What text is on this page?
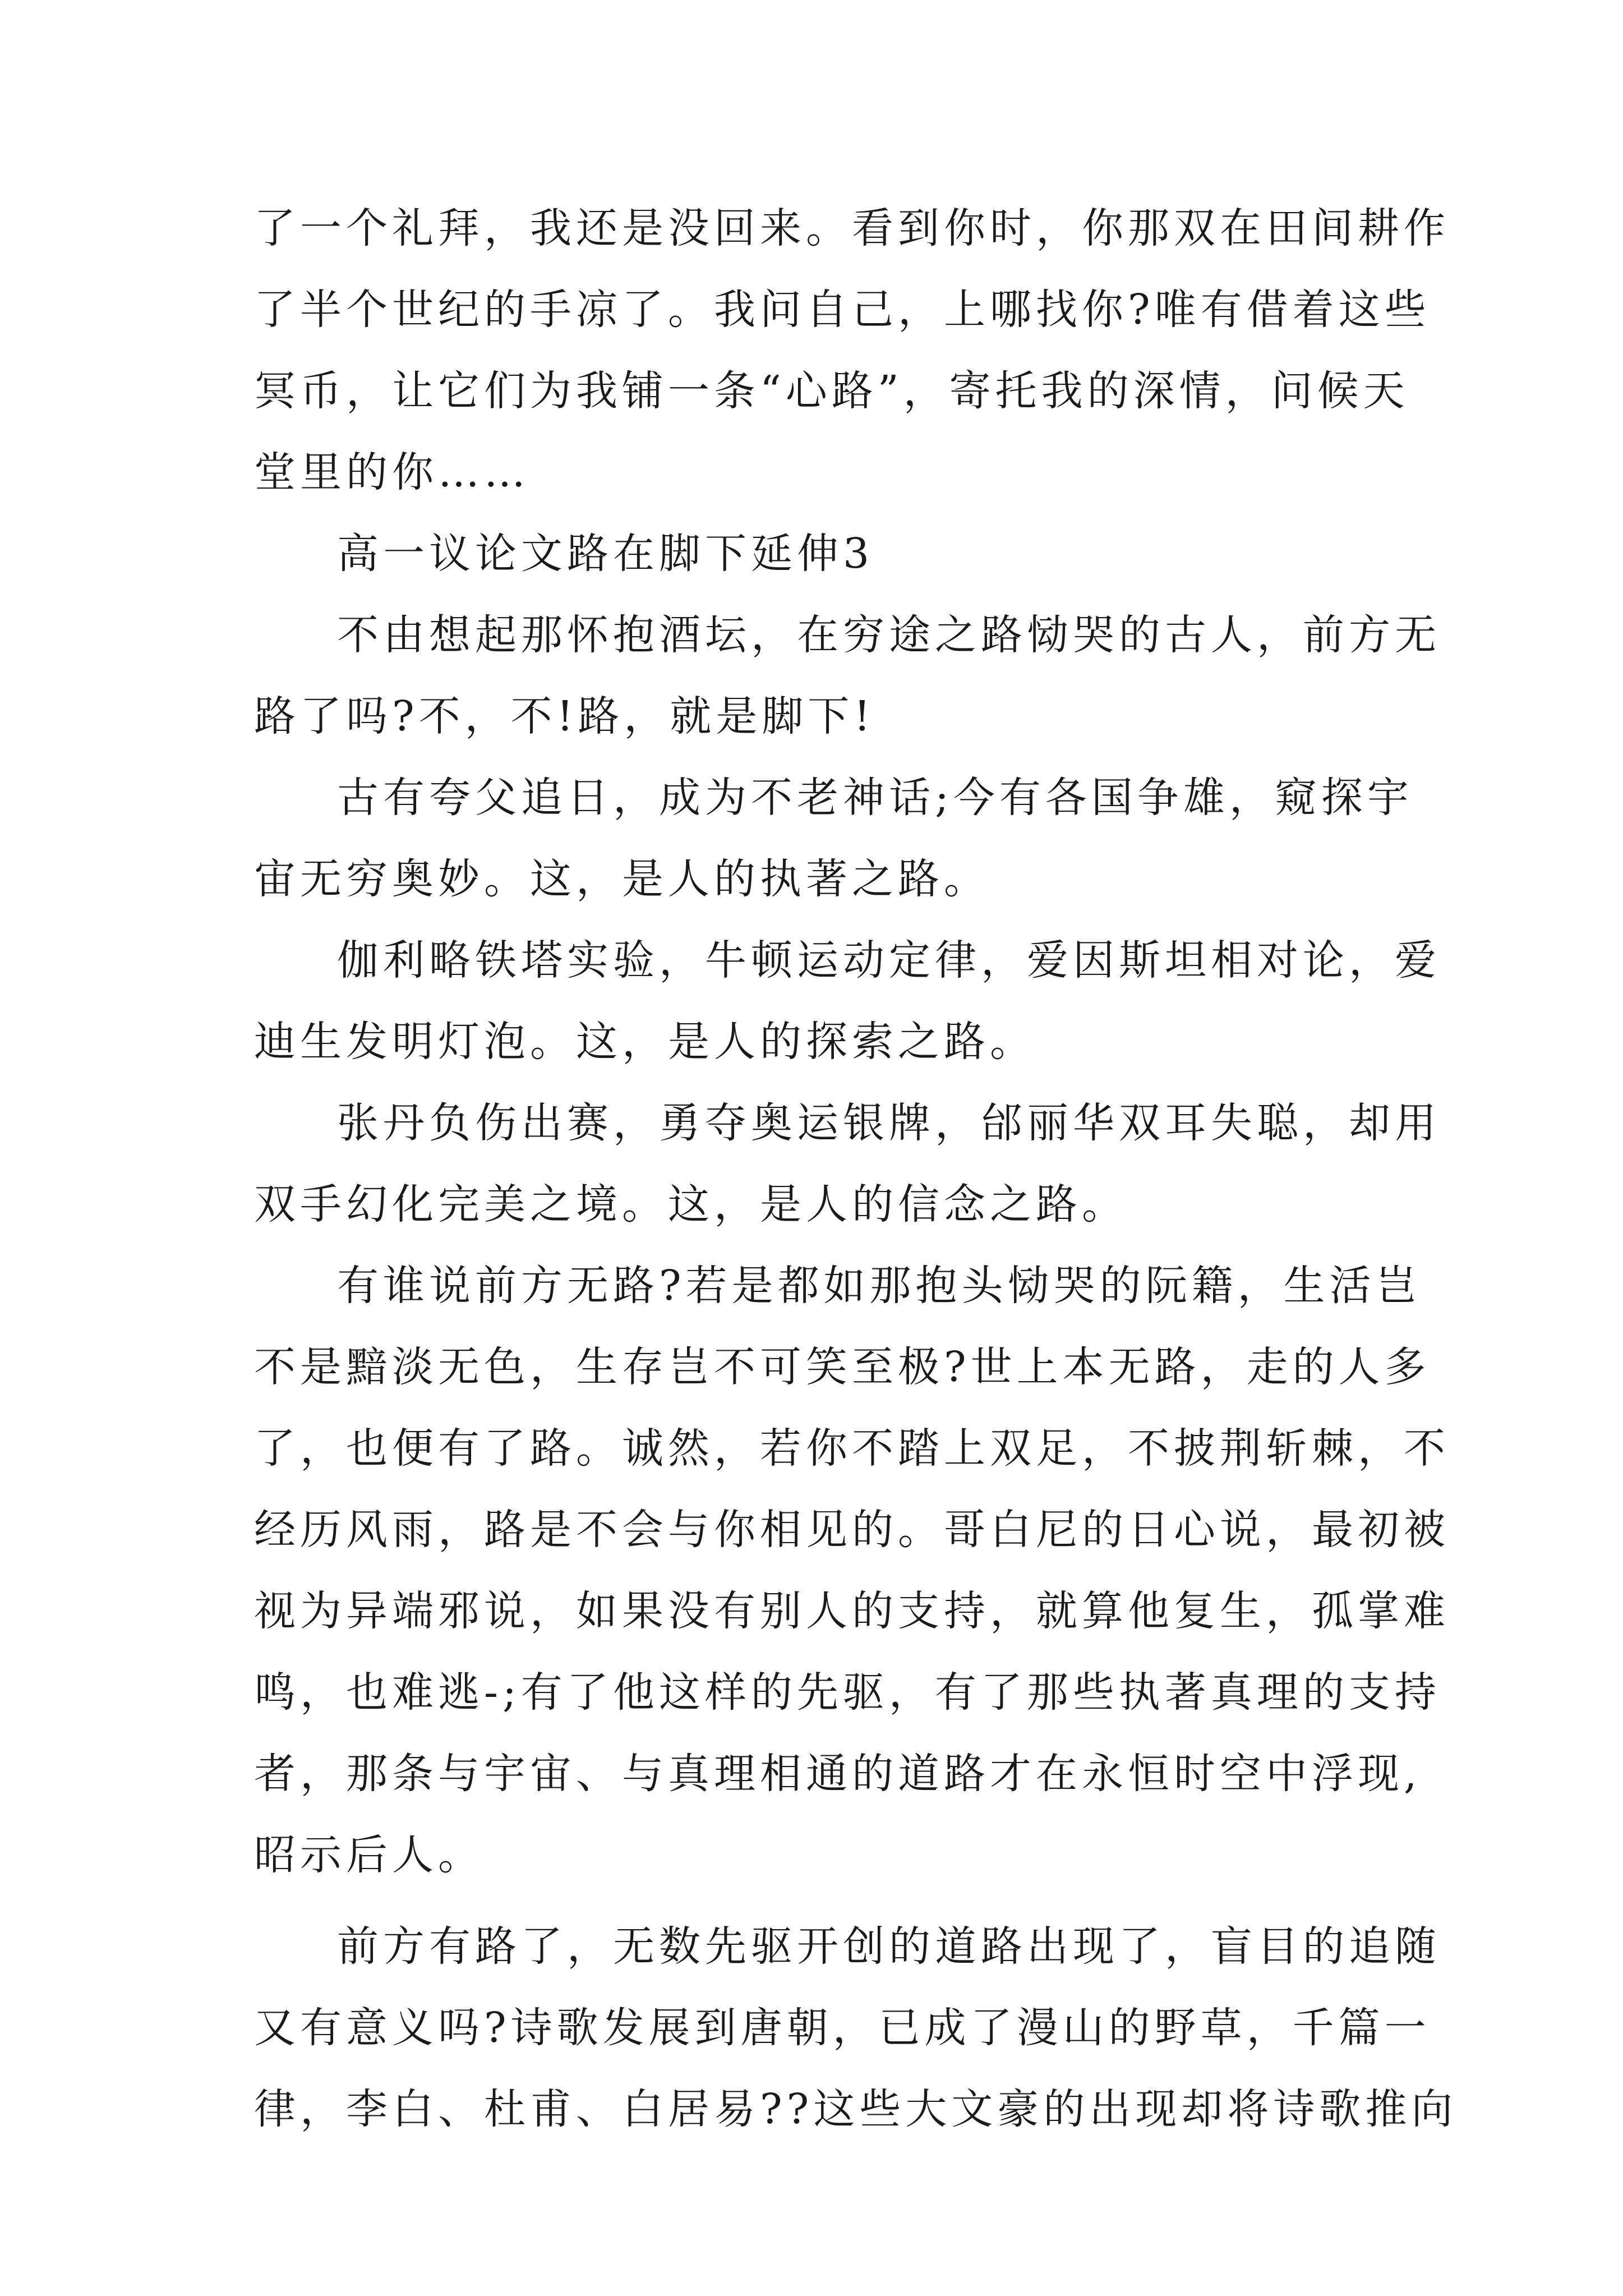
了一个礼拜，我还是没回来。看到你时，你那双在田间耕作
了半个世纪的手凉了。我问自己，上哪找你?唯有借着这些
冥币，让它们为我铺一条“心路”，寄托我的深情，问候天
堂里的你……
高一议论文路在脚下延伸3
不由想起那怀抱酒坛，在穷途之路恸哭的古人，前方无
路了吗?不，不!路，就是脚下!
古有夸父追日，成为不老神话;今有各国争雄，窥探宇
宙无穷奥妙。这，是人的执著之路。
伽利略铁塔实验，牛顿运动定律，爱因斯坦相对论，爱
迪生发明灯泡。这，是人的探索之路。
张丹负伤出赛，勇夺奥运银牌，邰丽华双耳失聪，却用
双手幻化完美之境。这，是人的信念之路。
有谁说前方无路?若是都如那抱头恸哭的阮籍，生活岂
不是黯淡无色，生存岂不可笑至极?世上本无路，走的人多
了，也便有了路。诚然，若你不踏上双足，不披荆斩棘，不
经历风雨，路是不会与你相见的。哥白尼的日心说，最初被
视为异端邪说，如果没有别人的支持，就算他复生，孤掌难
鸣，也难逃-;有了他这样的先驱，有了那些执著真理的支持
者，那条与宇宙、与真理相通的道路才在永恒时空中浮现,
昭示后人。
前方有路了，无数先驱开创的道路出现了，盲目的追随
又有意义吗?诗歌发展到唐朝，已成了漫山的野草，千篇一
律，李白、杜甫、白居易??这些大文豪的出现却将诗歌推向
